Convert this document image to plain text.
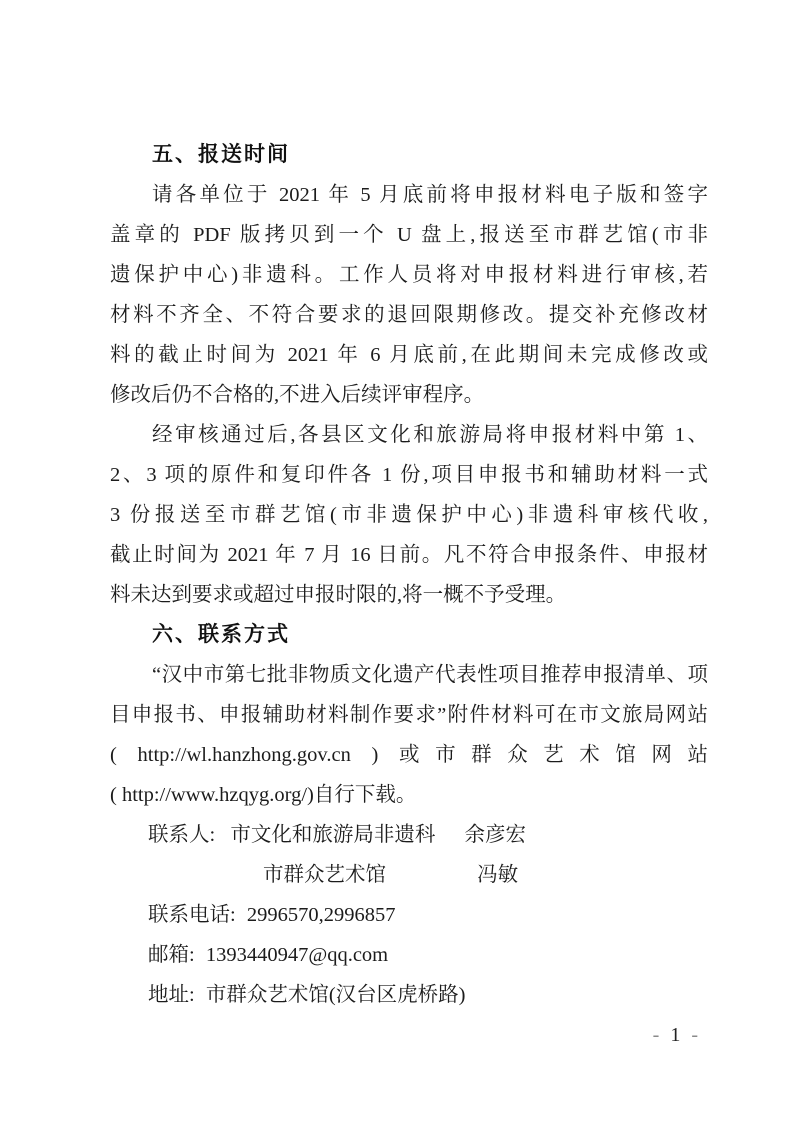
五、报送时间
请各单位于 2021 年 5 月底前将申报材料电子版和签字
盖章的 PDF 版拷贝到一个 U 盘上,报送至市群艺馆(市非
遗保护中心)非遗科。工作人员将对申报材料进行审核,若
材料不齐全、不符合要求的退回限期修改。提交补充修改材
料的截止时间为 2021 年 6 月底前,在此期间未完成修改或
修改后仍不合格的,不进入后续评审程序。
经审核通过后,各县区文化和旅游局将申报材料中第 1、
2、3 项的原件和复印件各 1 份,项目申报书和辅助材料一式
3 份报送至市群艺馆(市非遗保护中心)非遗科审核代收,
截止时间为 2021 年 7 月 16 日前。凡不符合申报条件、申报材
料未达到要求或超过申报时限的,将一概不予受理。
六、联系方式
“汉中市第七批非物质文化遗产代表性项目推荐申报清单、项
目申报书、申报辅助材料制作要求”附件材料可在市文旅局网站
( http://wl.hanzhong.gov.cn ) 或市群众艺术馆网站
( http://www.hzqyg.org/)自行下载。
联系人: 市文化和旅游局非遗科 余彦宏
市群众艺术馆	冯敏
联系电话: 2996570,2996857
邮箱: 1393440947@qq.com
地址: 市群众艺术馆(汉台区虎桥路)
- 1 -
